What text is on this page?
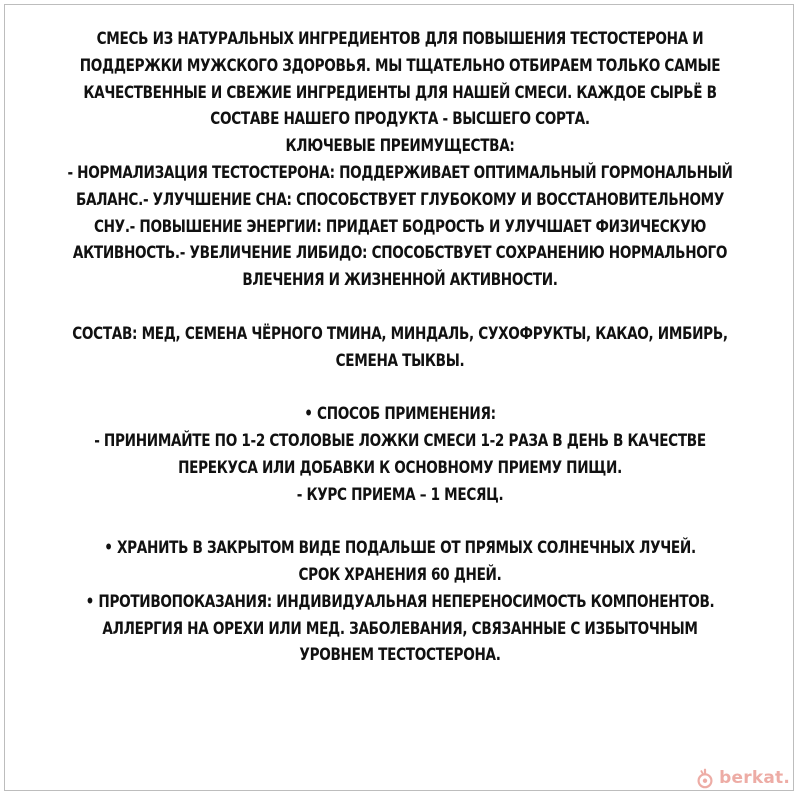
СМЕСЬ ИЗ НАТУРАЛЬНЫХ ИНГРЕДИЕНТОВ ДЛЯ ПОВЫШЕНИЯ ТЕСТОСТЕРОНА И

ПОДДЕРЖКИ МУЖСКОГО ЗДОРОВЬЯ. МЫ ТЩАТЕЛЬНО ОТБИРАЕМ ТОЛЬКО САМЫЕ

КАЧЕСТВЕННЫЕ И СВЕЖИЕ ИНГРЕДИЕНТЫ ДЛЯ НАШЕЙ СМЕСИ. КАЖДОЕ СЫРЬЁ В

СОСТАВЕ НАШЕГО ПРОДУКТА - ВЫСШЕГО СОРТА.

КЛЮЧЕВЫЕ ПРЕИМУЩЕСТВА:

- НОРМАЛИЗАЦИЯ ТЕСТОСТЕРОНА: ПОДДЕРЖИВАЕТ ОПТИМАЛЬНЫЙ ГОРМОНАЛЬНЫЙ

БАЛАНС.- УЛУЧШЕНИЕ СНА: СПОСОБСТВУЕТ ГЛУБОКОМУ И ВОССТАНОВИТЕЛЬНОМУ

СНУ.- ПОВЫШЕНИЕ ЭНЕРГИИ: ПРИДАЕТ БОДРОСТЬ И УЛУЧШАЕТ ФИЗИЧЕСКУЮ

АКТИВНОСТЬ.- УВЕЛИЧЕНИЕ ЛИБИДО: СПОСОБСТВУЕТ СОХРАНЕНИЮ НОРМАЛЬНОГО

ВЛЕЧЕНИЯ И ЖИЗНЕННОЙ АКТИВНОСТИ.

СОСТАВ: МЕД, СЕМЕНА ЧЁРНОГО ТМИНА, МИНДАЛЬ, СУХОФРУКТЫ, КАКАО, ИМБИРЬ,

СЕМЕНА ТЫКВЫ.

• СПОСОБ ПРИМЕНЕНИЯ:

- ПРИНИМАЙТЕ ПО 1-2 СТОЛОВЫЕ ЛОЖКИ СМЕСИ 1-2 РАЗА В ДЕНЬ В КАЧЕСТВЕ

ПЕРЕКУСА ИЛИ ДОБАВКИ К ОСНОВНОМУ ПРИЕМУ ПИЩИ.

- КУРС ПРИЕМА – 1 МЕСЯЦ.

• ХРАНИТЬ В ЗАКРЫТОМ ВИДЕ ПОДАЛЬШЕ ОТ ПРЯМЫХ СОЛНЕЧНЫХ ЛУЧЕЙ.

СРОК ХРАНЕНИЯ 60 ДНЕЙ.

• ПРОТИВОПОКАЗАНИЯ: ИНДИВИДУАЛЬНАЯ НЕПЕРЕНОСИМОСТЬ КОМПОНЕНТОВ.

АЛЛЕРГИЯ НА ОРЕХИ ИЛИ МЕД. ЗАБОЛЕВАНИЯ, СВЯЗАННЫЕ С ИЗБЫТОЧНЫМ

УРОВНЕМ ТЕСТОСТЕРОНА.

berkat.
